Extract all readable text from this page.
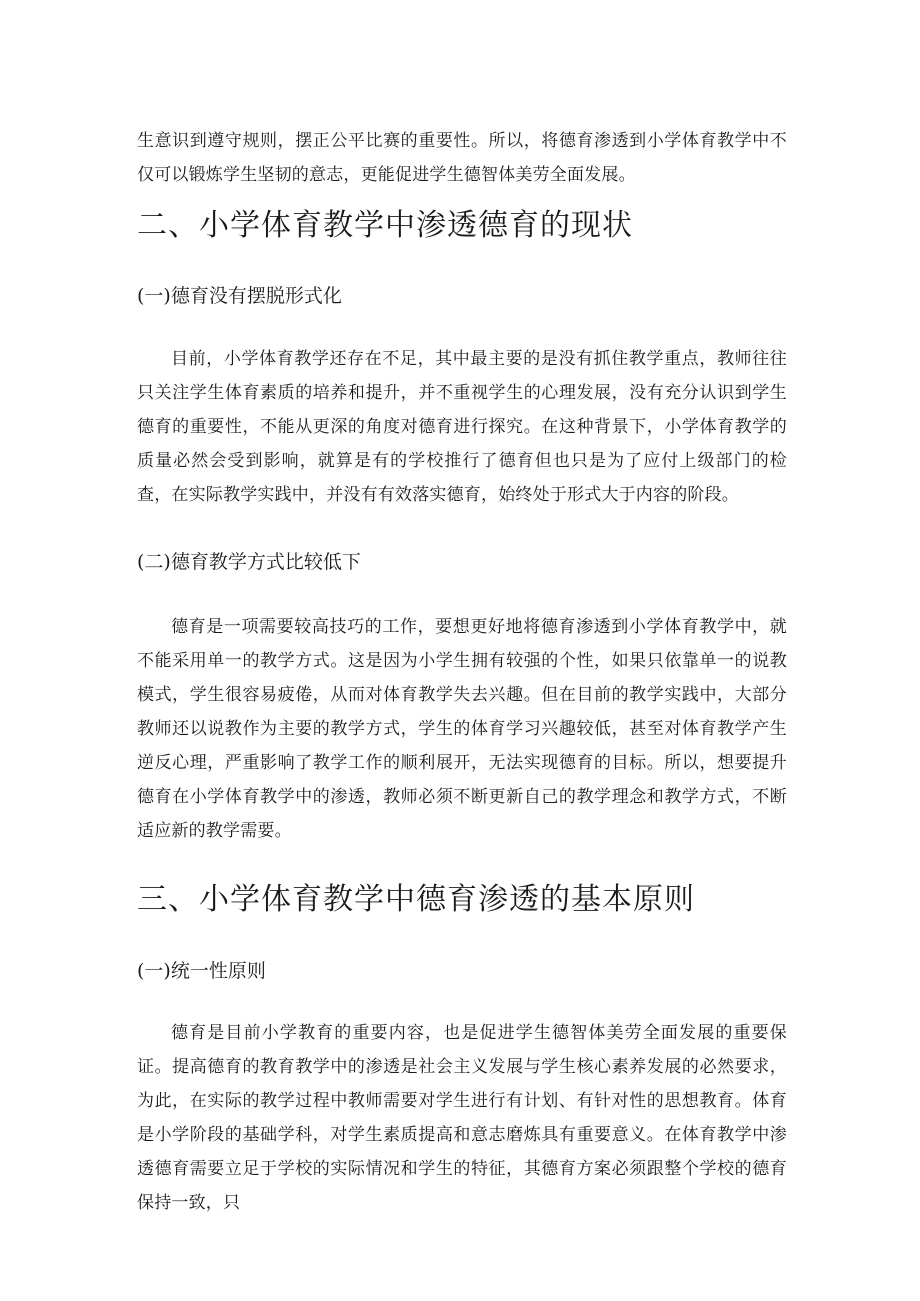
生意识到遵守规则，摆正公平比赛的重要性。所以，将德育渗透到小学体育教学中不仅可以锻炼学生坚韧的意志，更能促进学生德智体美劳全面发展。

二、小学体育教学中渗透德育的现状
(一)德育没有摆脱形式化

目前，小学体育教学还存在不足，其中最主要的是没有抓住教学重点，教师往往只关注学生体育素质的培养和提升，并不重视学生的心理发展，没有充分认识到学生德育的重要性，不能从更深的角度对德育进行探究。在这种背景下，小学体育教学的质量必然会受到影响，就算是有的学校推行了德育但也只是为了应付上级部门的检查，在实际教学实践中，并没有有效落实德育，始终处于形式大于内容的阶段。

(二)德育教学方式比较低下

德育是一项需要较高技巧的工作，要想更好地将德育渗透到小学体育教学中，就不能采用单一的教学方式。这是因为小学生拥有较强的个性，如果只依靠单一的说教模式，学生很容易疲倦，从而对体育教学失去兴趣。但在目前的教学实践中，大部分教师还以说教作为主要的教学方式，学生的体育学习兴趣较低，甚至对体育教学产生逆反心理，严重影响了教学工作的顺利展开，无法实现德育的目标。所以，想要提升德育在小学体育教学中的渗透，教师必须不断更新自己的教学理念和教学方式，不断适应新的教学需要。

三、小学体育教学中德育渗透的基本原则
(一)统一性原则

德育是目前小学教育的重要内容，也是促进学生德智体美劳全面发展的重要保证。提高德育的教育教学中的渗透是社会主义发展与学生核心素养发展的必然要求，为此，在实际的教学过程中教师需要对学生进行有计划、有针对性的思想教育。体育是小学阶段的基础学科，对学生素质提高和意志磨炼具有重要意义。在体育教学中渗透德育需要立足于学校的实际情况和学生的特征，其德育方案必须跟整个学校的德育保持一致，只
